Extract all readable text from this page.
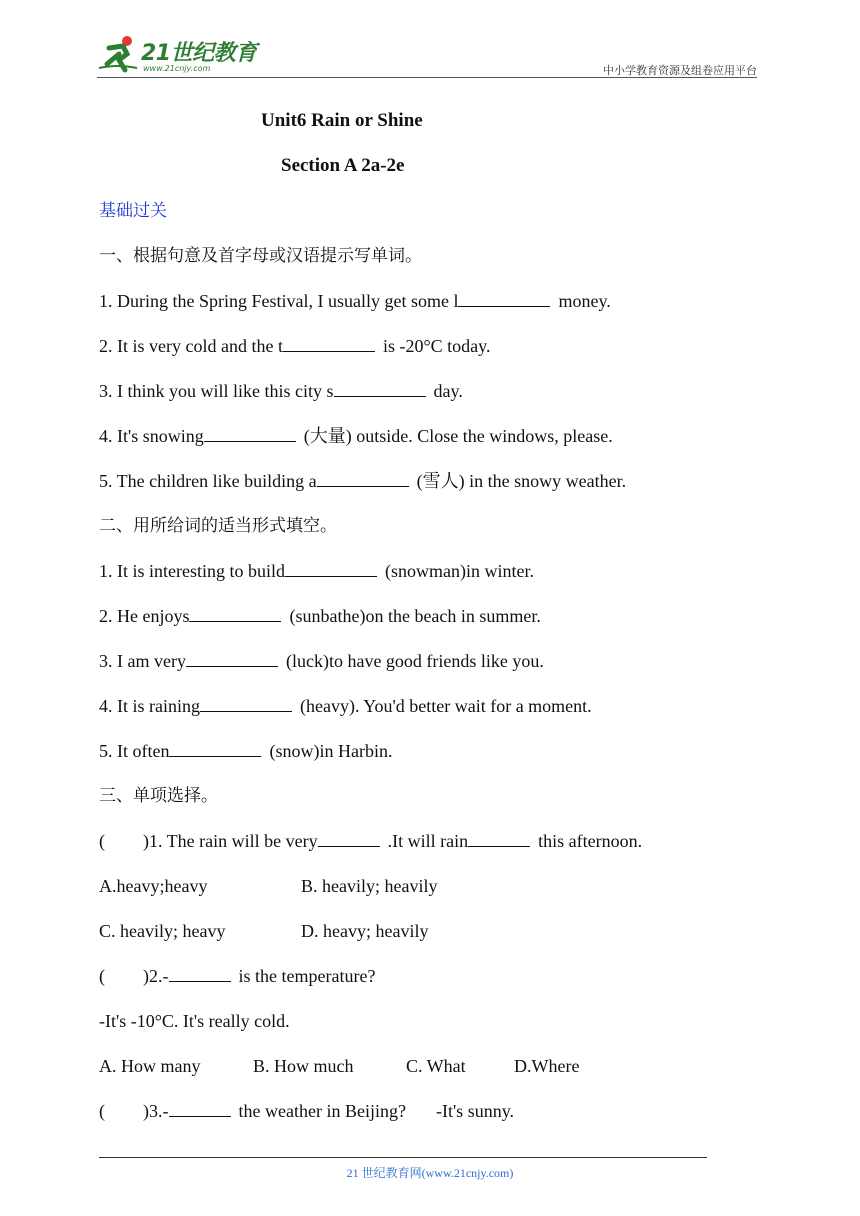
21世纪教育
www.21cnjy.com	中小学教育资源及组卷应用平台
Unit6 Rain or Shine
Section A 2a-2e
基础过关
一、根据句意及首字母或汉语提示写单词。
1. During the Spring Festival, I usually get some l	money.
2. It is very cold and the t	is -20°C today.
3. I think you will like this city s	day.
4. It's snowing	(大量) outside. Close the windows, please.
5. The children like building a	(雪人) in the snowy weather.
二、用所给词的适当形式填空。
1. It is interesting to build	(snowman)in winter.
2. He enjoys	(sunbathe)on the beach in summer.
3. I am very	(luck)to have good friends like you.
4. It is raining	(heavy). You'd better wait for a moment.
5. It often	(snow)in Harbin.
三、单项选择。
( )1. The rain will be very	.It will rain	this afternoon.
A.heavy;heavy	B. heavily; heavily
C. heavily; heavy	D. heavy; heavily
( )2.-	is the temperature?
-It's -10°C. It's really cold.
A. How many	B. How much	C. What	D.Where
( )3.-	the weather in Beijing? -It's sunny.
21 世纪教育网(www.21cnjy.com)
